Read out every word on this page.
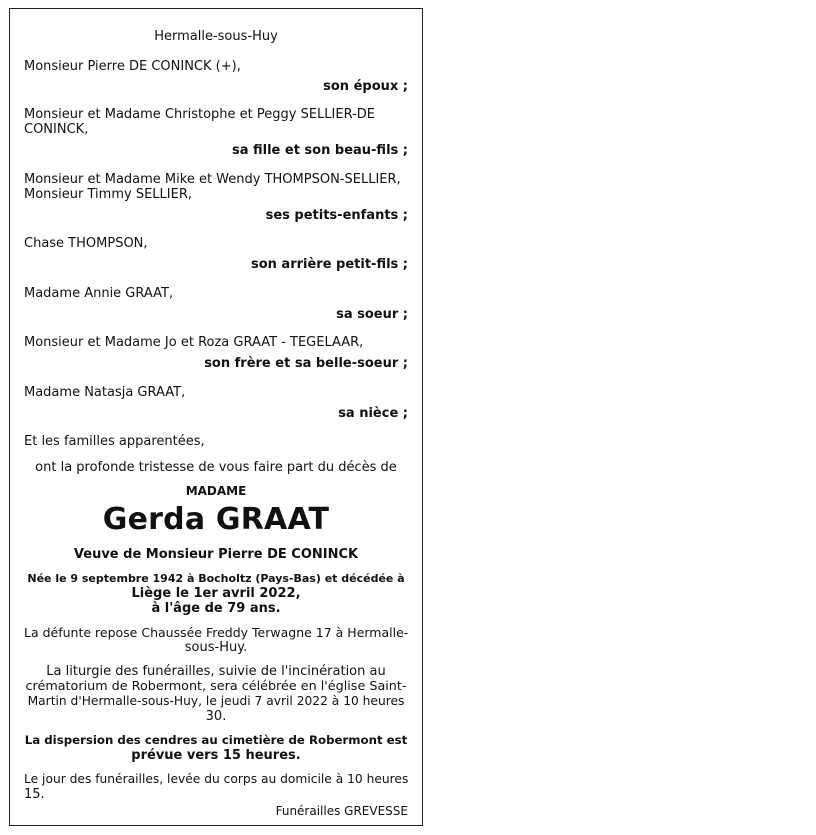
Hermalle-sous-Huy
Monsieur Pierre DE CONINCK (+),
son époux ;
Monsieur et Madame Christophe et Peggy SELLIER-DE
CONINCK,
sa fille et son beau-fils ;
Monsieur et Madame Mike et Wendy THOMPSON-SELLIER,
Monsieur Timmy SELLIER,
ses petits-enfants ;
Chase THOMPSON,
son arrière petit-fils ;
Madame Annie GRAAT,
sa soeur ;
Monsieur et Madame Jo et Roza GRAAT - TEGELAAR,
son frère et sa belle-soeur ;
Madame Natasja GRAAT,
sa nièce ;
Et les familles apparentées,
ont la profonde tristesse de vous faire part du décès de
MADAME
Gerda GRAAT
Veuve de Monsieur Pierre DE CONINCK
Née le 9 septembre 1942 à Bocholtz (Pays-Bas) et décédée à
Liège le 1er avril 2022,
à l'âge de 79 ans.
La défunte repose Chaussée Freddy Terwagne 17 à Hermalle-
sous-Huy.
La liturgie des funérailles, suivie de l'incinération au
crématorium de Robermont, sera célébrée en l'église Saint-
Martin d'Hermalle-sous-Huy, le jeudi 7 avril 2022 à 10 heures
30.
La dispersion des cendres au cimetière de Robermont est
prévue vers 15 heures.
Le jour des funérailles, levée du corps au domicile à 10 heures
15.
Funérailles GREVESSE
